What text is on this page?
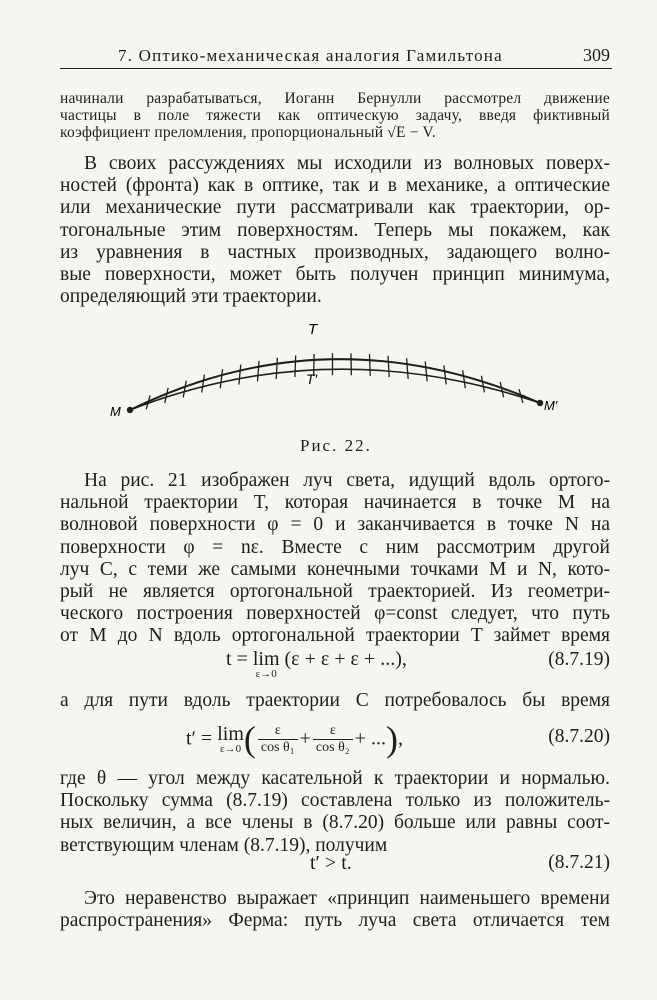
7. Оптико-механическая аналогия Гамильтона	309
начинали разрабатываться, Иоганн Бернулли рассмотрел движение
частицы в поле тяжести как оптическую задачу, введя фиктивный
коэффициент преломления, пропорциональный √E − V.
В своих рассуждениях мы исходили из волновых поверх-
ностей (фронта) как в оптике, так и в механике, а оптические
или механические пути рассматривали как траектории, ор-
тогональные этим поверхностям. Теперь мы покажем, как
из уравнения в частных производных, задающего волно-
вые поверхности, может быть получен принцип минимума,
определяющий эти траектории.
T
T′
M	M′
Рис. 22.
На рис. 21 изображен луч света, идущий вдоль ортого-
нальной траектории T, которая начинается в точке M на
волновой поверхности φ = 0 и заканчивается в точке N на
поверхности φ = nε. Вместе с ним рассмотрим другой
луч C, с теми же самыми конечными точками M и N, кото-
рый не является ортогональной траекторией. Из геометри-
ческого построения поверхностей φ=const следует, что путь
от M до N вдоль ортогональной траектории T займет время
t = lim
ε→0
(ε + ε + ε + ...),	(8.7.19)
а для пути вдоль траектории C потребовалось бы время
t′ = lim
ε→0 ( $\frac{\varepsilon}{\text{cos θ₁}} + \frac{\varepsilon}{\text{cos θ₂}}$ + ...),	(8.7.20)
где θ — угол между касательной к траектории и нормалью.
Поскольку сумма (8.7.19) составлена только из положитель-
ных величин, а все члены в (8.7.20) больше или равны соот-
ветствующим членам (8.7.19), получим
t′ > t.	(8.7.21)
Это неравенство выражает «принцип наименьшего времени
распространения» Ферма: путь луча света отличается тем
